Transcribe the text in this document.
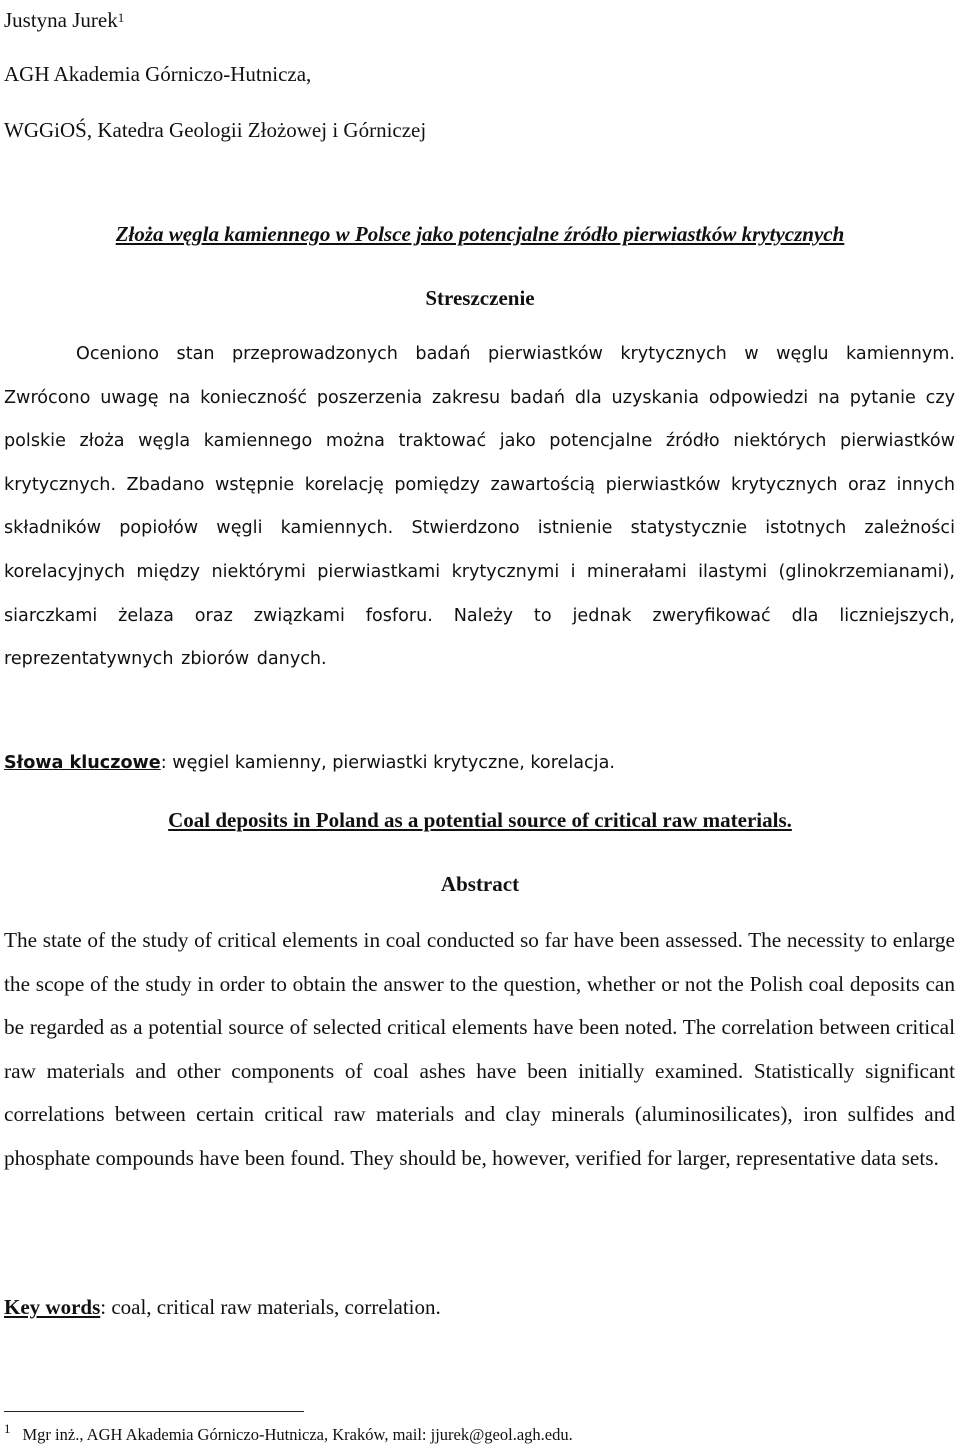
Justyna Jurek$^1$
AGH Akademia Górniczo-Hutnicza,
WGGiOŚ, Katedra Geologii Złożowej i Górniczej
Złoża węgla kamiennego w Polsce jako potencjalne źródło pierwiastków krytycznych
Streszczenie
Oceniono stan przeprowadzonych badań pierwiastków krytycznych w węglu kamiennym. Zwrócono uwagę na konieczność poszerzenia zakresu badań dla uzyskania odpowiedzi na pytanie czy polskie złoża węgla kamiennego można traktować jako potencjalne źródło niektórych pierwiastków krytycznych. Zbadano wstępnie korelację pomiędzy zawartością pierwiastków krytycznych oraz innych składników popiołów węgli kamiennych. Stwierdzono istnienie statystycznie istotnych zależności korelacyjnych między niektórymi pierwiastkami krytycznymi i minerałami ilastymi (glinokrzemianami), siarczkami żelaza oraz związkami fosforu. Należy to jednak zweryfikować dla liczniejszych, reprezentatywnych zbiorów danych.
Słowa kluczowe: węgiel kamienny, pierwiastki krytyczne, korelacja.
Coal deposits in Poland as a potential source of critical raw materials.
Abstract
The state of the study of critical elements in coal conducted so far have been assessed. The necessity to enlarge the scope of the study in order to obtain the answer to the question, whether or not the Polish coal deposits can be regarded as a potential source of selected critical elements have been noted. The correlation between critical raw materials and other components of coal ashes have been initially examined. Statistically significant correlations between certain critical raw materials and clay minerals (aluminosilicates), iron sulfides and phosphate compounds have been found. They should be, however, verified for larger, representative data sets.
Key words: coal, critical raw materials, correlation.
$^1$ Mgr inż., AGH Akademia Górniczo-Hutnicza, Kraków, mail: jjurek@geol.agh.edu.
